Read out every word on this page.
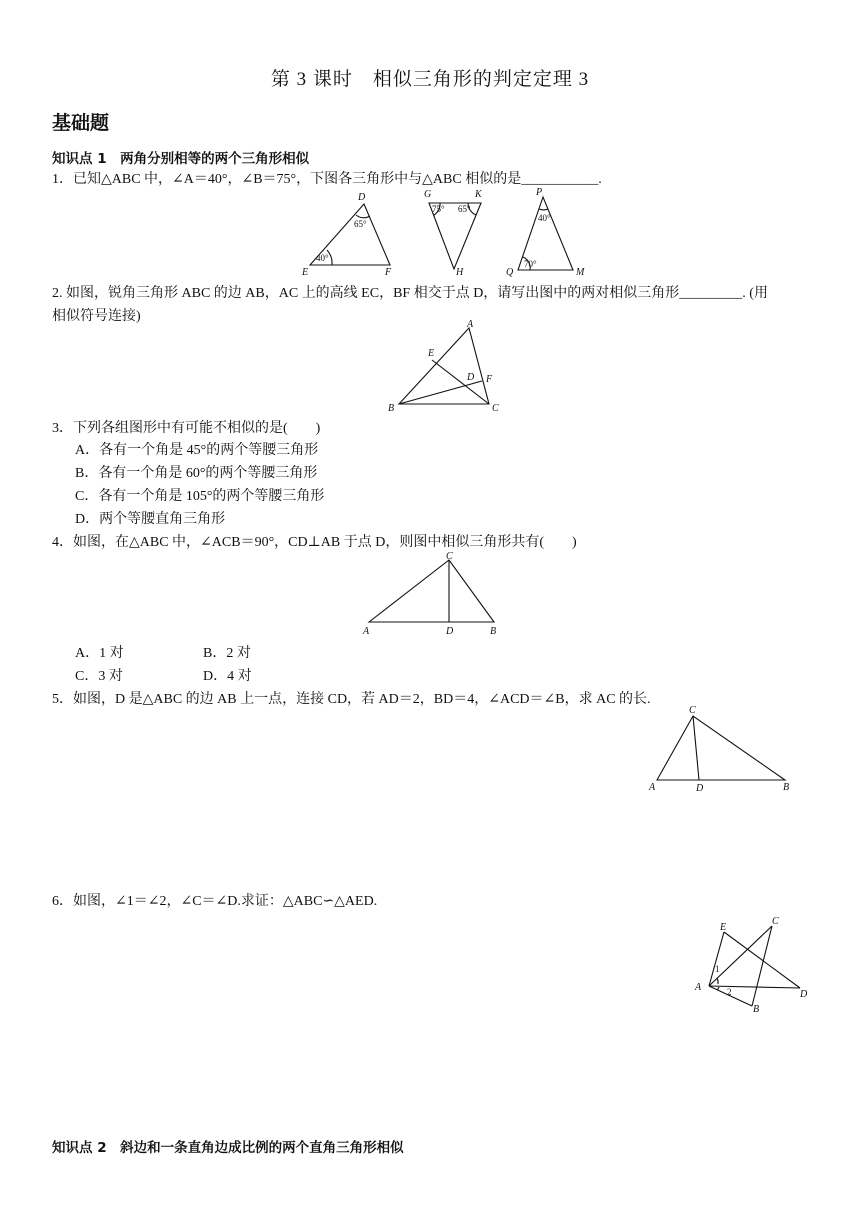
第 3 课时　相似三角形的判定定理 3
基础题
知识点 1　两角分别相等的两个三角形相似
1．已知△ABC 中，∠A＝40°，∠B＝75°，下图各三角形中与△ABC 相似的是___________.
D
E	F
65°
40°
G	K
H
75° 65°
P
Q	M
40°
70°
2. 如图，锐角三角形 ABC 的边 AB，AC 上的高线 EC，BF 相交于点 D，请写出图中的两对相似三角形_________. (用
相似符号连接)
A
B	C
D
E
F
3．下列各组图形中有可能不相似的是(　　)
A．各有一个角是 45°的两个等腰三角形
B．各有一个角是 60°的两个等腰三角形
C．各有一个角是 105°的两个等腰三角形
D．两个等腰直角三角形
4．如图，在△ABC 中，∠ACB＝90°，CD⊥AB 于点 D，则图中相似三角形共有(　　)
C
A	D	B
A．1 对	B．2 对
C．3 对	D．4 对
5．如图，D 是△ABC 的边 AB 上一点，连接 CD，若 AD＝2，BD＝4，∠ACD＝∠B，求 AC 的长.
C
A	D	B
6．如图，∠1＝∠2，∠C＝∠D.求证：△ABC∽△AED.
E
C
A
D
B
1
2
知识点 2　斜边和一条直角边成比例的两个直角三角形相似
